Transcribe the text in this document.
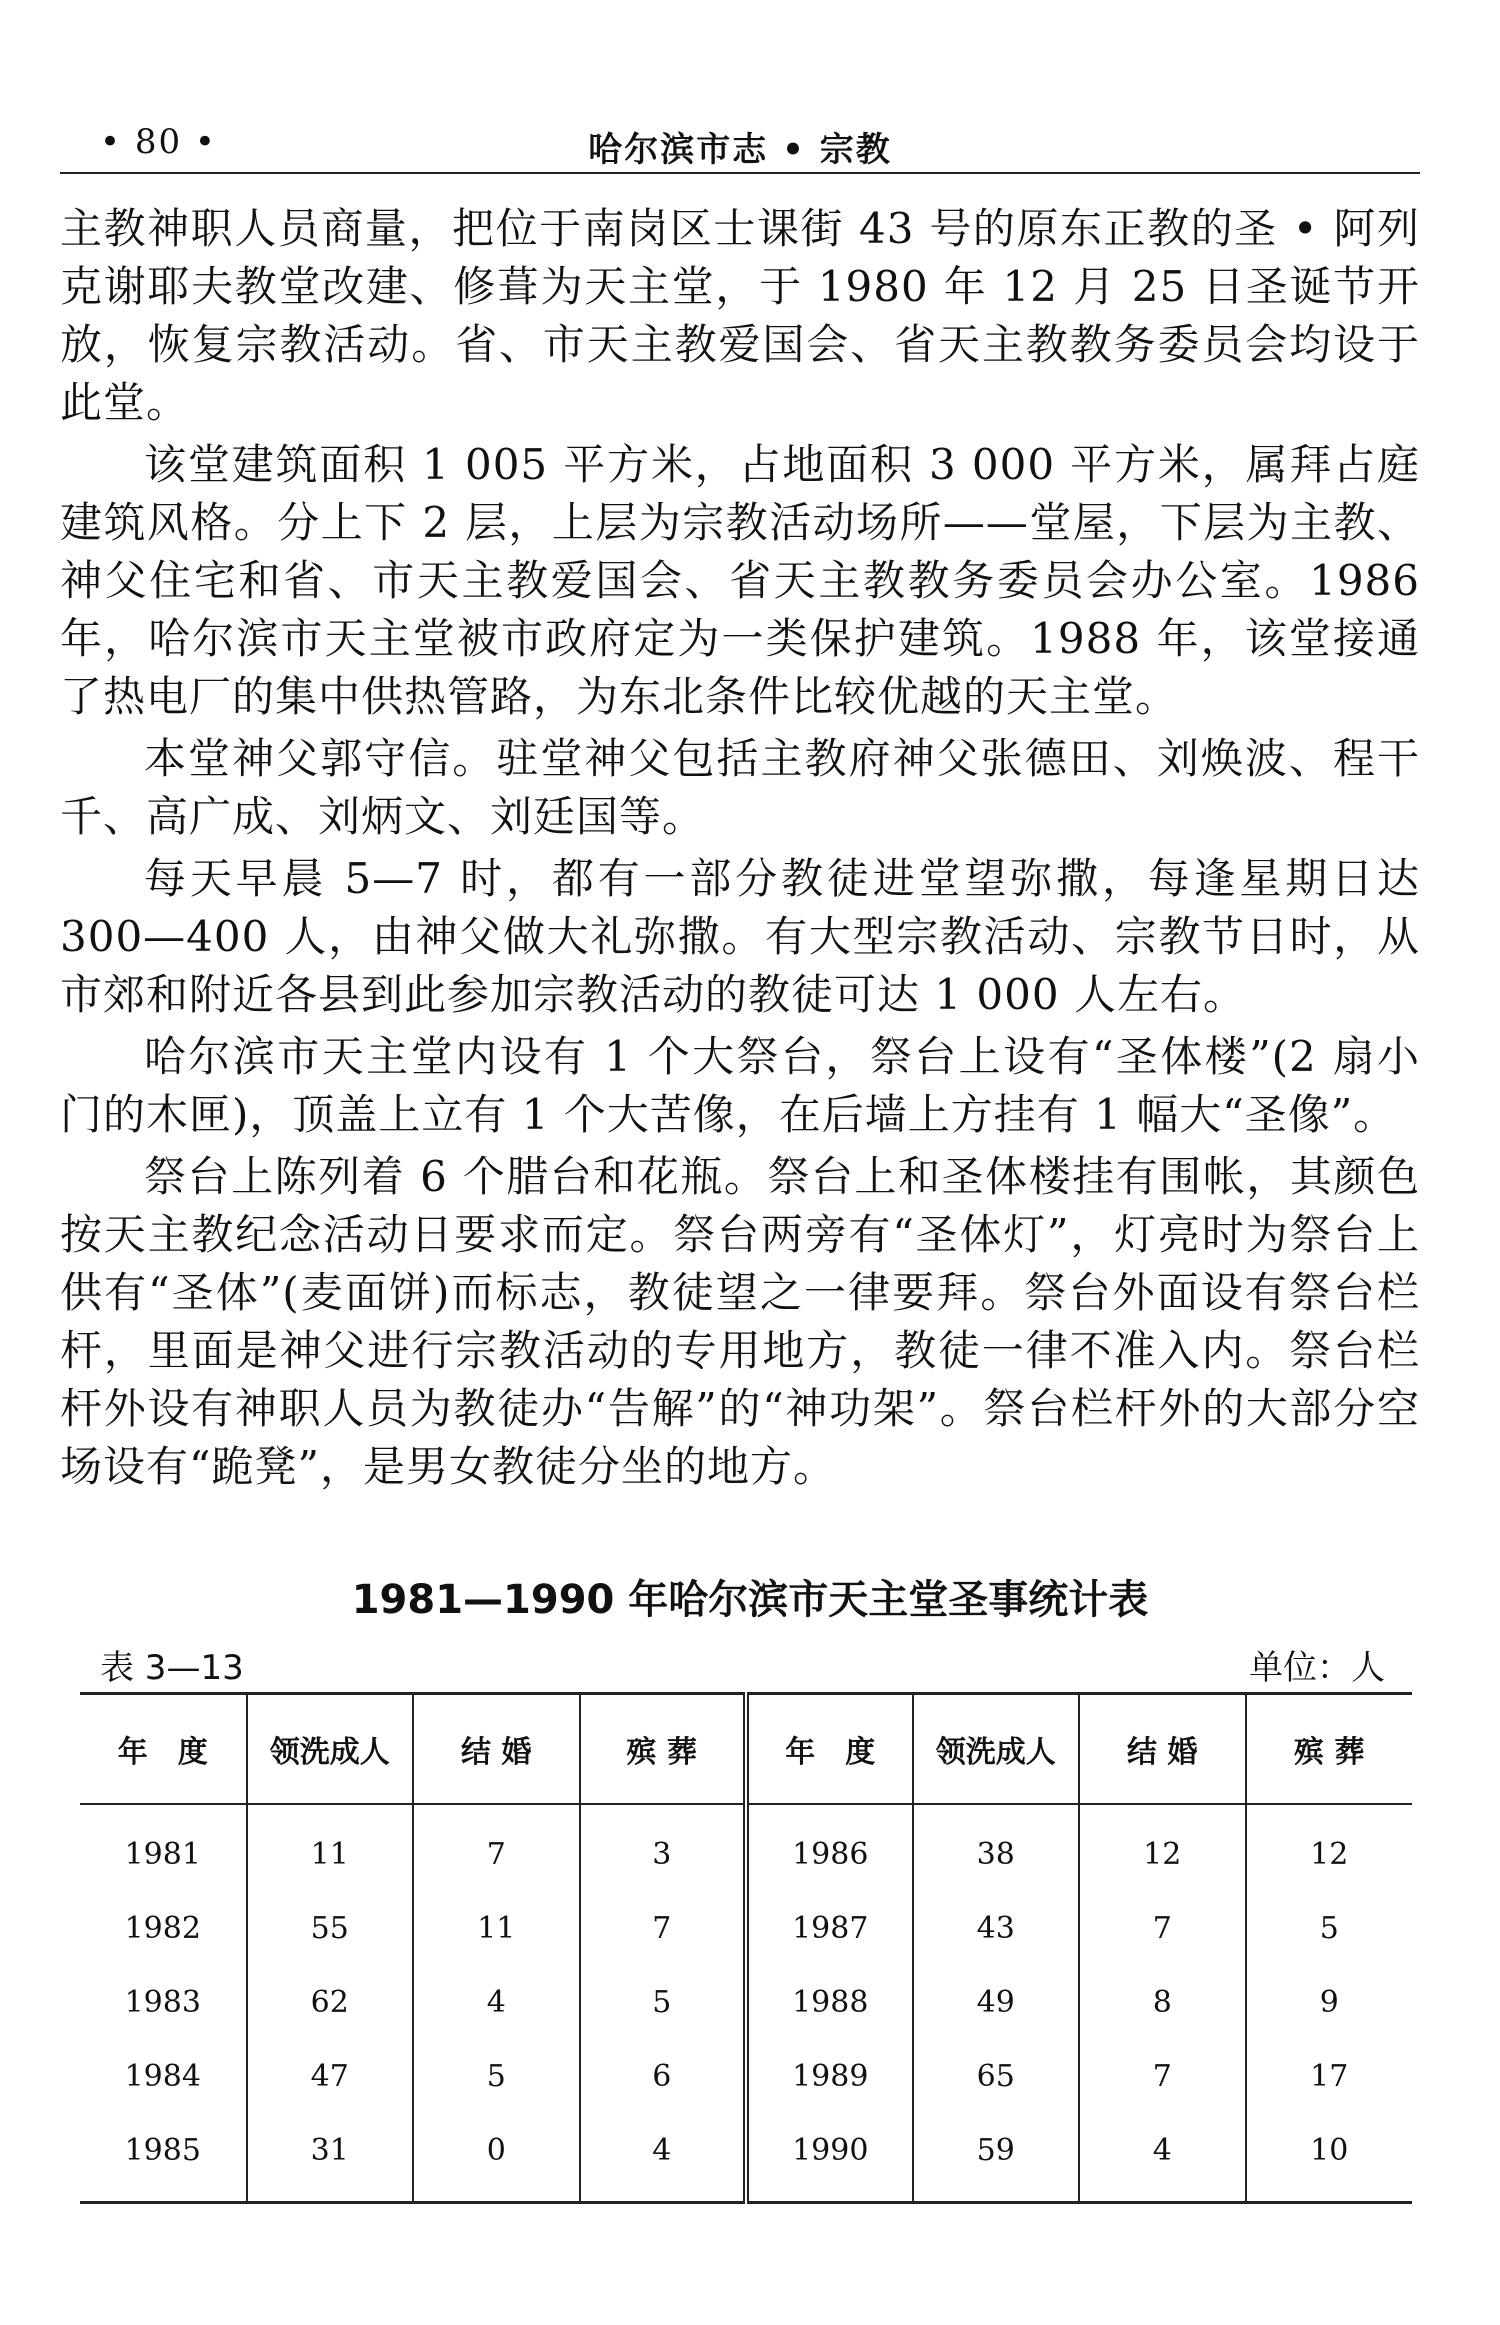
• 80 •	哈尔滨市志 • 宗教

主教神职人员商量，把位于南岗区士课街 43 号的原东正教的圣 • 阿列克谢耶夫教堂改建、修葺为天主堂，于 1980 年 12 月 25 日圣诞节开放，恢复宗教活动。省、市天主教爱国会、省天主教教务委员会均设于此堂。

该堂建筑面积 1 005 平方米，占地面积 3 000 平方米，属拜占庭建筑风格。分上下 2 层，上层为宗教活动场所——堂屋，下层为主教、神父住宅和省、市天主教爱国会、省天主教教务委员会办公室。1986 年，哈尔滨市天主堂被市政府定为一类保护建筑。1988 年，该堂接通了热电厂的集中供热管路，为东北条件比较优越的天主堂。

本堂神父郭守信。驻堂神父包括主教府神父张德田、刘焕波、程干千、高广成、刘炳文、刘廷国等。

每天早晨 5—7 时，都有一部分教徒进堂望弥撒，每逢星期日达 300—400 人，由神父做大礼弥撒。有大型宗教活动、宗教节日时，从市郊和附近各县到此参加宗教活动的教徒可达 1 000 人左右。

哈尔滨市天主堂内设有 1 个大祭台，祭台上设有“圣体楼”(2 扇小门的木匣)，顶盖上立有 1 个大苦像，在后墙上方挂有 1 幅大“圣像”。

祭台上陈列着 6 个腊台和花瓶。祭台上和圣体楼挂有围帐，其颜色按天主教纪念活动日要求而定。祭台两旁有“圣体灯”，灯亮时为祭台上供有“圣体”(麦面饼)而标志，教徒望之一律要拜。祭台外面设有祭台栏杆，里面是神父进行宗教活动的专用地方，教徒一律不准入内。祭台栏杆外设有神职人员为教徒办“告解”的“神功架”。祭台栏杆外的大部分空场设有“跪凳”，是男女教徒分坐的地方。

1981—1990 年哈尔滨市天主堂圣事统计表
表 3—13	单位：人
年　度	领洗成人	结 婚	殡 葬	年　度	领洗成人	结 婚	殡 葬
1981	11	7	3	1986	38	12	12
1982	55	11	7	1987	43	7	5
1983	62	4	5	1988	49	8	9
1984	47	5	6	1989	65	7	17
1985	31	0	4	1990	59	4	10
